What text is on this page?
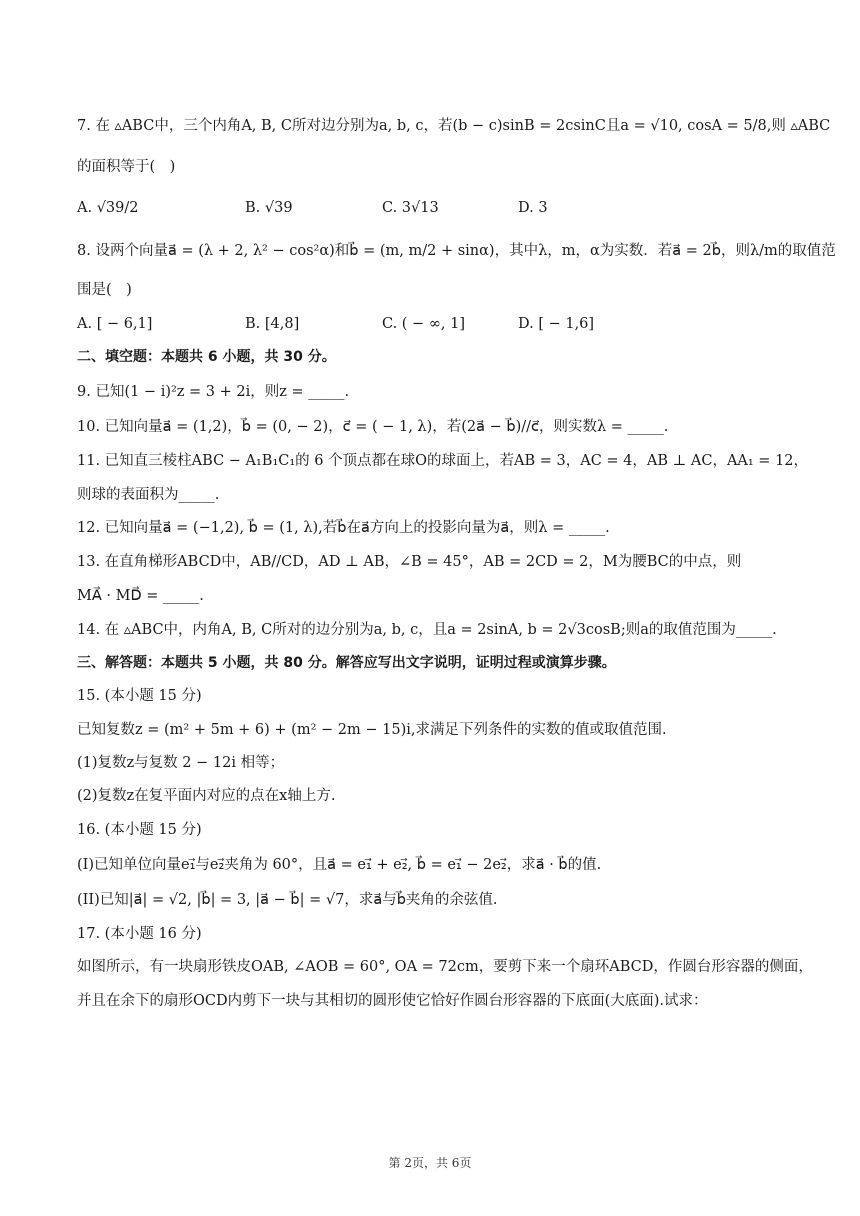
7. 在 ▵ABC中，三个内角A, B, C所对边分别为a, b, c，若(b − c)sinB = 2csinC且a = √10, cosA = 5/8,则 ▵ABC
的面积等于(　)
A. √39/2	B. √39	C. 3√13	D. 3
8. 设两个向量a⃗ = (λ + 2, λ² − cos²α)和b⃗ = (m, m/2 + sinα)，其中λ，m，α为实数．若a⃗ = 2b⃗，则λ/m的取值范
围是(　)
A. [ − 6,1]	B. [4,8]	C. ( − ∞, 1]	D. [ − 1,6]
二、填空题：本题共 6 小题，共 30 分。
9. 已知(1 − i)²z = 3 + 2i，则z = _____.
10. 已知向量a⃗ = (1,2)，b⃗ = (0, − 2)，c⃗ = ( − 1, λ)，若(2a⃗ − b⃗)//c⃗，则实数λ = _____.
11. 已知直三棱柱ABC − A₁B₁C₁的 6 个顶点都在球O的球面上，若AB = 3，AC = 4，AB ⊥ AC，AA₁ = 12，
则球的表面积为_____.
12. 已知向量a⃗ = (−1,2), b⃗ = (1, λ),若b⃗在a⃗方向上的投影向量为a⃗，则λ = _____.
13. 在直角梯形ABCD中，AB//CD，AD ⊥ AB，∠B = 45°，AB = 2CD = 2，M为腰BC的中点，则
MA⃗ · MD⃗ = _____.
14. 在 ▵ABC中，内角A, B, C所对的边分别为a, b, c，且a = 2sinA, b = 2√3cosB;则a的取值范围为_____.
三、解答题：本题共 5 小题，共 80 分。解答应写出文字说明，证明过程或演算步骤。
15. (本小题 15 分)
已知复数z = (m² + 5m + 6) + (m² − 2m − 15)i,求满足下列条件的实数的值或取值范围.
(1)复数z与复数 2 − 12i 相等；
(2)复数z在复平面内对应的点在x轴上方.
16. (本小题 15 分)
(I)已知单位向量e₁⃗与e₂⃗夹角为 60°，且a⃗ = e₁⃗ + e₂⃗, b⃗ = e₁⃗ − 2e₂⃗，求a⃗ · b⃗的值.
(II)已知|a⃗| = √2, |b⃗| = 3, |a⃗ − b⃗| = √7，求a⃗与b⃗夹角的余弦值.
17. (本小题 16 分)
如图所示，有一块扇形铁皮OAB, ∠AOB = 60°, OA = 72cm，要剪下来一个扇环ABCD，作圆台形容器的侧面，
并且在余下的扇形OCD内剪下一块与其相切的圆形使它恰好作圆台形容器的下底面(大底面).试求：
第 2页，共 6页
